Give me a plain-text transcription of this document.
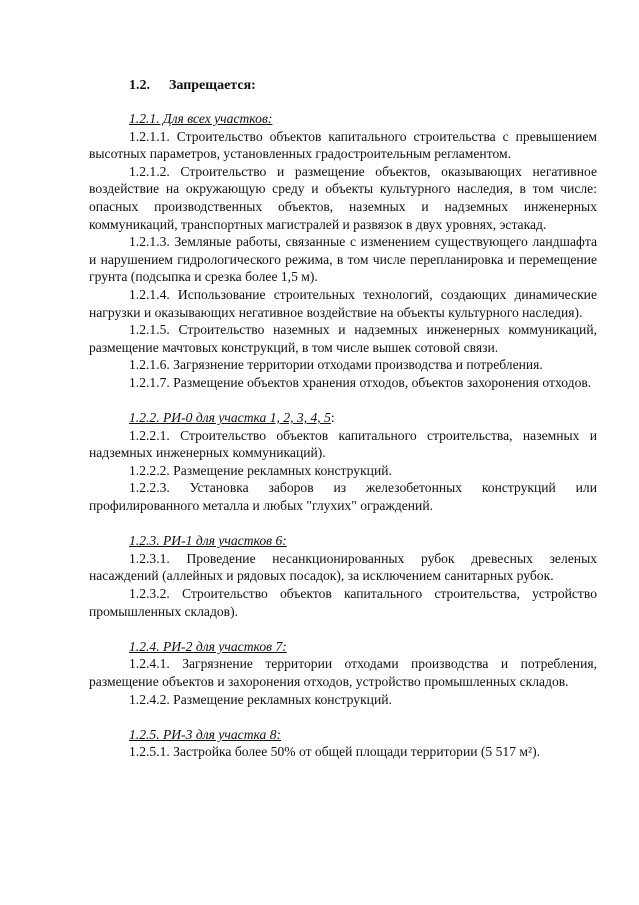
1.2. Запрещается:

1.2.1. Для всех участков:

1.2.1.1. Строительство объектов капитального строительства с превышением высотных параметров, установленных градостроительным регламентом.

1.2.1.2. Строительство и размещение объектов, оказывающих негативное воздействие на окружающую среду и объекты культурного наследия, в том числе: опасных производственных объектов, наземных и надземных инженерных коммуникаций, транспортных магистралей и развязок в двух уровнях, эстакад.

1.2.1.3. Земляные работы, связанные с изменением существующего ландшафта и нарушением гидрологического режима, в том числе перепланировка и перемещение грунта (подсыпка и срезка более 1,5 м).

1.2.1.4. Использование строительных технологий, создающих динамические нагрузки и оказывающих негативное воздействие на объекты культурного наследия).

1.2.1.5. Строительство наземных и надземных инженерных коммуникаций, размещение мачтовых конструкций, в том числе вышек сотовой связи.

1.2.1.6. Загрязнение территории отходами производства и потребления.

1.2.1.7. Размещение объектов хранения отходов, объектов захоронения отходов.

1.2.2. РИ-0 для участка 1, 2, 3, 4, 5:

1.2.2.1. Строительство объектов капитального строительства, наземных и надземных инженерных коммуникаций).

1.2.2.2. Размещение рекламных конструкций.

1.2.2.3. Установка заборов из железобетонных конструкций или профилированного металла и любых "глухих" ограждений.

1.2.3. РИ-1 для участков 6:

1.2.3.1. Проведение несанкционированных рубок древесных зеленых насаждений (аллейных и рядовых посадок), за исключением санитарных рубок.

1.2.3.2. Строительство объектов капитального строительства, устройство промышленных складов).

1.2.4. РИ-2 для участков 7:

1.2.4.1. Загрязнение территории отходами производства и потребления, размещение объектов и захоронения отходов, устройство промышленных складов.

1.2.4.2. Размещение рекламных конструкций.

1.2.5. РИ-3 для участка 8:

1.2.5.1. Застройка более 50% от общей площади территории (5 517 м²).
